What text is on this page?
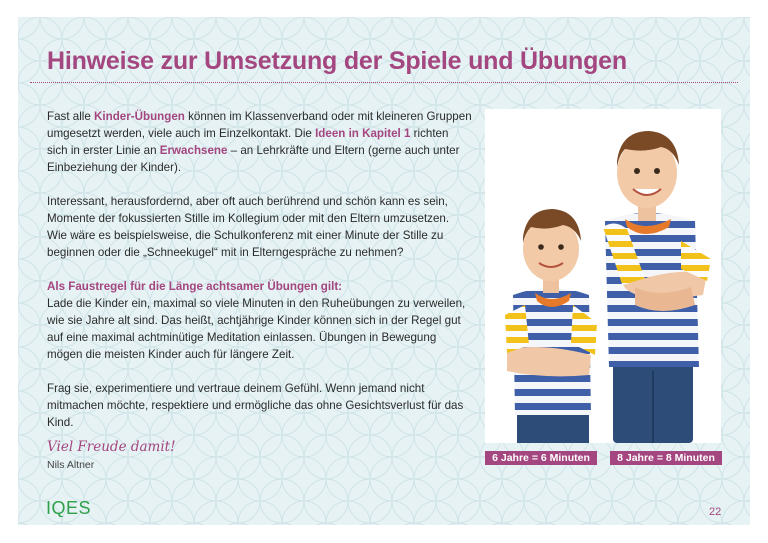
Hinweise zur Umsetzung der Spiele und Übungen

Fast alle Kinder-Übungen können im Klassenverband oder mit kleineren Gruppen umgesetzt werden, viele auch im Einzelkontakt. Die Ideen in Kapitel 1 richten sich in erster Linie an Erwachsene – an Lehrkräfte und Eltern (gerne auch unter Einbeziehung der Kinder).

Interessant, herausfordernd, aber oft auch berührend und schön kann es sein, Momente der fokussierten Stille im Kollegium oder mit den Eltern umzusetzen. Wie wäre es beispielsweise, die Schulkonferenz mit einer Minute der Stille zu beginnen oder die „Schneekugel“ mit in Elterngespräche zu nehmen?

Als Faustregel für die Länge achtsamer Übungen gilt:

Lade die Kinder ein, maximal so viele Minuten in den Ruheübungen zu verweilen, wie sie Jahre alt sind. Das heißt, achtjährige Kinder können sich in der Regel gut auf eine maximal achtminütige Meditation einlassen. Übungen in Bewegung mögen die meisten Kinder auch für längere Zeit.

Frag sie, experimentiere und vertraue deinem Gefühl. Wenn jemand nicht mitmachen möchte, respektiere und ermögliche das ohne Gesichtsverlust für das Kind.

Viel Freude damit!
Nils Altner
6 Jahre = 6 Minuten	8 Jahre = 8 Minuten
IQES	22
